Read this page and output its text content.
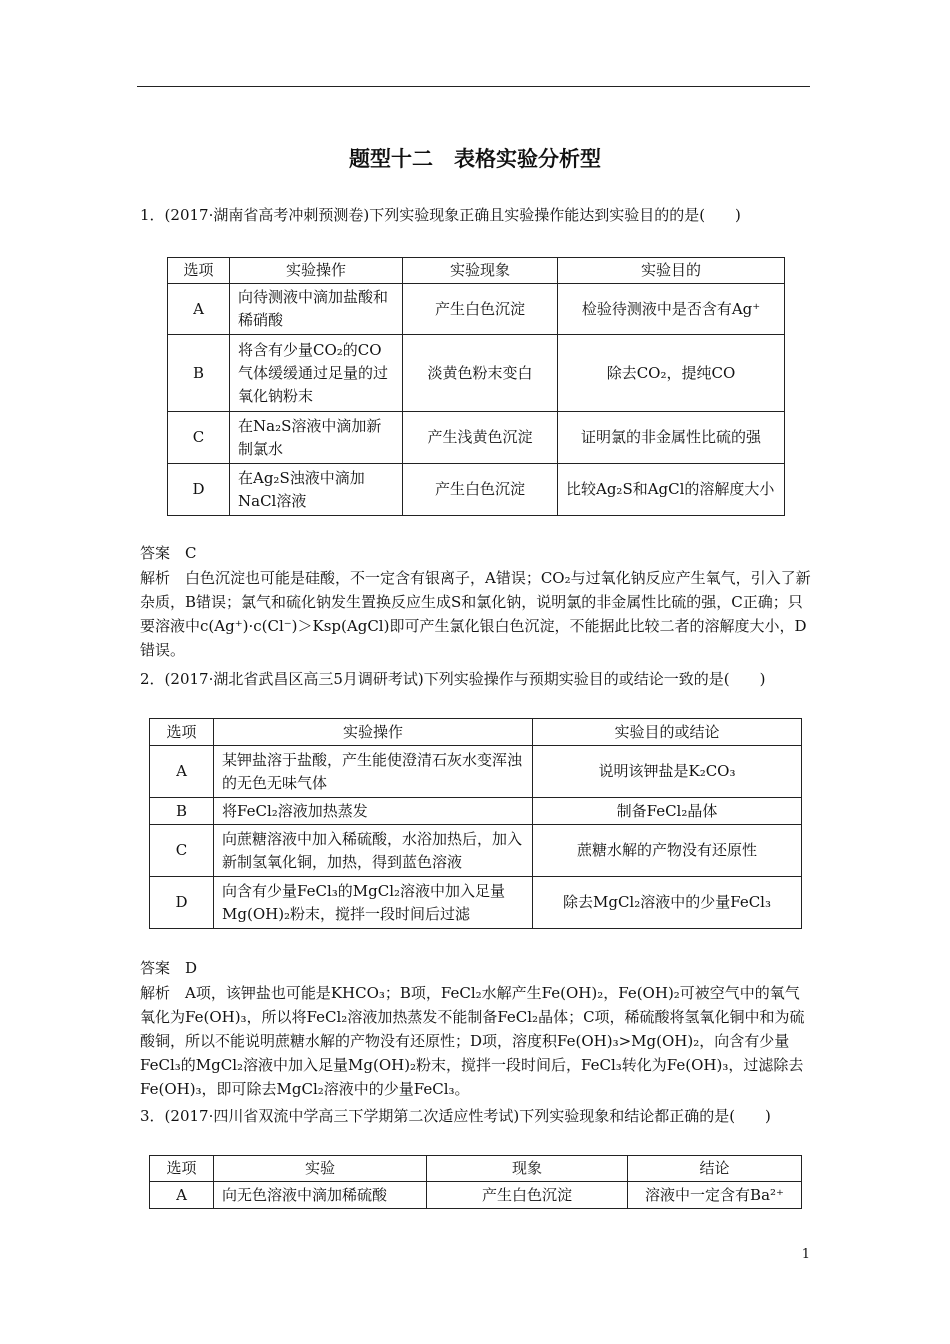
题型十二　表格实验分析型

1．(2017·湖南省高考冲刺预测卷)下列实验现象正确且实验操作能达到实验目的的是(　　)

选项	实验操作	实验现象	实验目的
A	向待测液中滴加盐酸和稀硝酸	产生白色沉淀	检验待测液中是否含有Ag⁺
B	将含有少量CO₂的CO气体缓缓通过足量的过氧化钠粉末	淡黄色粉末变白	除去CO₂，提纯CO
C	在Na₂S溶液中滴加新制氯水	产生浅黄色沉淀	证明氯的非金属性比硫的强
D	在Ag₂S浊液中滴加NaCl溶液	产生白色沉淀	比较Ag₂S和AgCl的溶解度大小

答案　C

解析　白色沉淀也可能是硅酸，不一定含有银离子，A错误；CO₂与过氧化钠反应产生氧气，引入了新杂质，B错误；氯气和硫化钠发生置换反应生成S和氯化钠，说明氯的非金属性比硫的强，C正确；只要溶液中c(Ag⁺)·c(Cl⁻)＞Ksp(AgCl)即可产生氯化银白色沉淀，不能据此比较二者的溶解度大小，D错误。

2．(2017·湖北省武昌区高三5月调研考试)下列实验操作与预期实验目的或结论一致的是(　　)

选项	实验操作	实验目的或结论
A	某钾盐溶于盐酸，产生能使澄清石灰水变浑浊的无色无味气体	说明该钾盐是K₂CO₃
B	将FeCl₂溶液加热蒸发	制备FeCl₂晶体
C	向蔗糖溶液中加入稀硫酸，水浴加热后，加入新制氢氧化铜，加热，得到蓝色溶液	蔗糖水解的产物没有还原性
D	向含有少量FeCl₃的MgCl₂溶液中加入足量Mg(OH)₂粉末，搅拌一段时间后过滤	除去MgCl₂溶液中的少量FeCl₃

答案　D

解析　A项，该钾盐也可能是KHCO₃；B项，FeCl₂水解产生Fe(OH)₂，Fe(OH)₂可被空气中的氧气氧化为Fe(OH)₃，所以将FeCl₂溶液加热蒸发不能制备FeCl₂晶体；C项，稀硫酸将氢氧化铜中和为硫酸铜，所以不能说明蔗糖水解的产物没有还原性；D项，溶度积Fe(OH)₃>Mg(OH)₂，向含有少量FeCl₃的MgCl₂溶液中加入足量Mg(OH)₂粉末，搅拌一段时间后，FeCl₃转化为Fe(OH)₃，过滤除去Fe(OH)₃，即可除去MgCl₂溶液中的少量FeCl₃。

3．(2017·四川省双流中学高三下学期第二次适应性考试)下列实验现象和结论都正确的是(　　)

选项	实验	现象	结论
A	向无色溶液中滴加稀硫酸	产生白色沉淀	溶液中一定含有Ba²⁺
1
